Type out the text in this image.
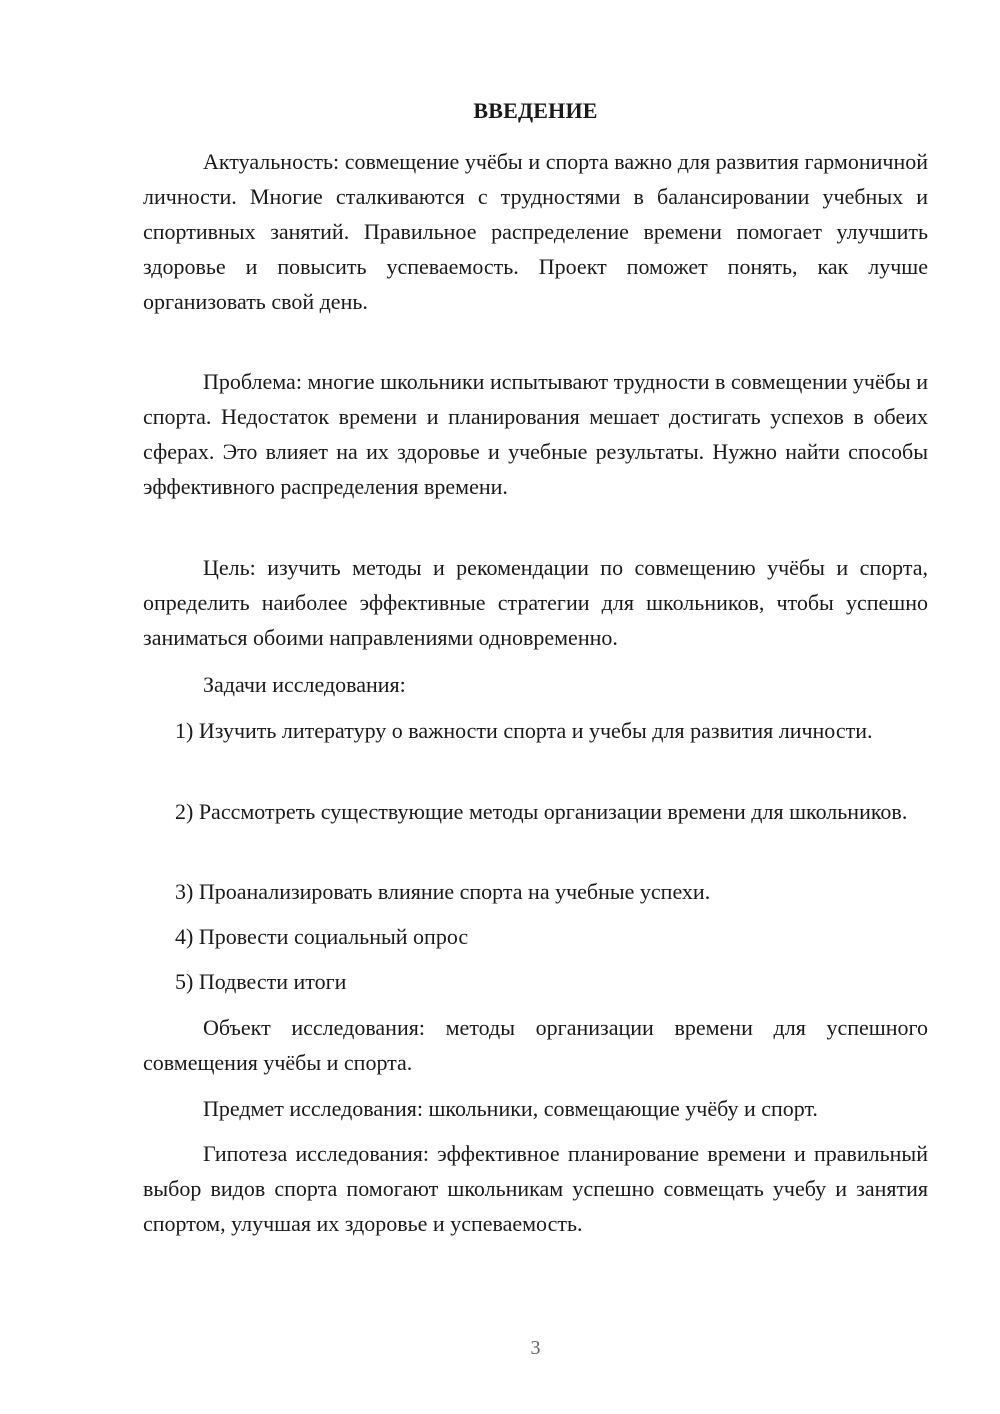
ВВЕДЕНИЕ

Актуальность: совмещение учёбы и спорта важно для развития гармоничной личности. Многие сталкиваются с трудностями в балансировании учебных и спортивных занятий. Правильное распределение времени помогает улучшить здоровье и повысить успеваемость. Проект поможет понять, как лучше организовать свой день.

Проблема: многие школьники испытывают трудности в совмещении учёбы и спорта. Недостаток времени и планирования мешает достигать успехов в обеих сферах. Это влияет на их здоровье и учебные результаты. Нужно найти способы эффективного распределения времени.

Цель: изучить методы и рекомендации по совмещению учёбы и спорта, определить наиболее эффективные стратегии для школьников, чтобы успешно заниматься обоими направлениями одновременно.

Задачи исследования:

1) Изучить литературу о важности спорта и учебы для развития личности.

2) Рассмотреть существующие методы организации времени для школьников.

3) Проанализировать влияние спорта на учебные успехи.

4) Провести социальный опрос

5) Подвести итоги

Объект исследования: методы организации времени для успешного совмещения учёбы и спорта.

Предмет исследования: школьники, совмещающие учёбу и спорт.

Гипотеза исследования: эффективное планирование времени и правильный выбор видов спорта помогают школьникам успешно совмещать учебу и занятия спортом, улучшая их здоровье и успеваемость.

3
